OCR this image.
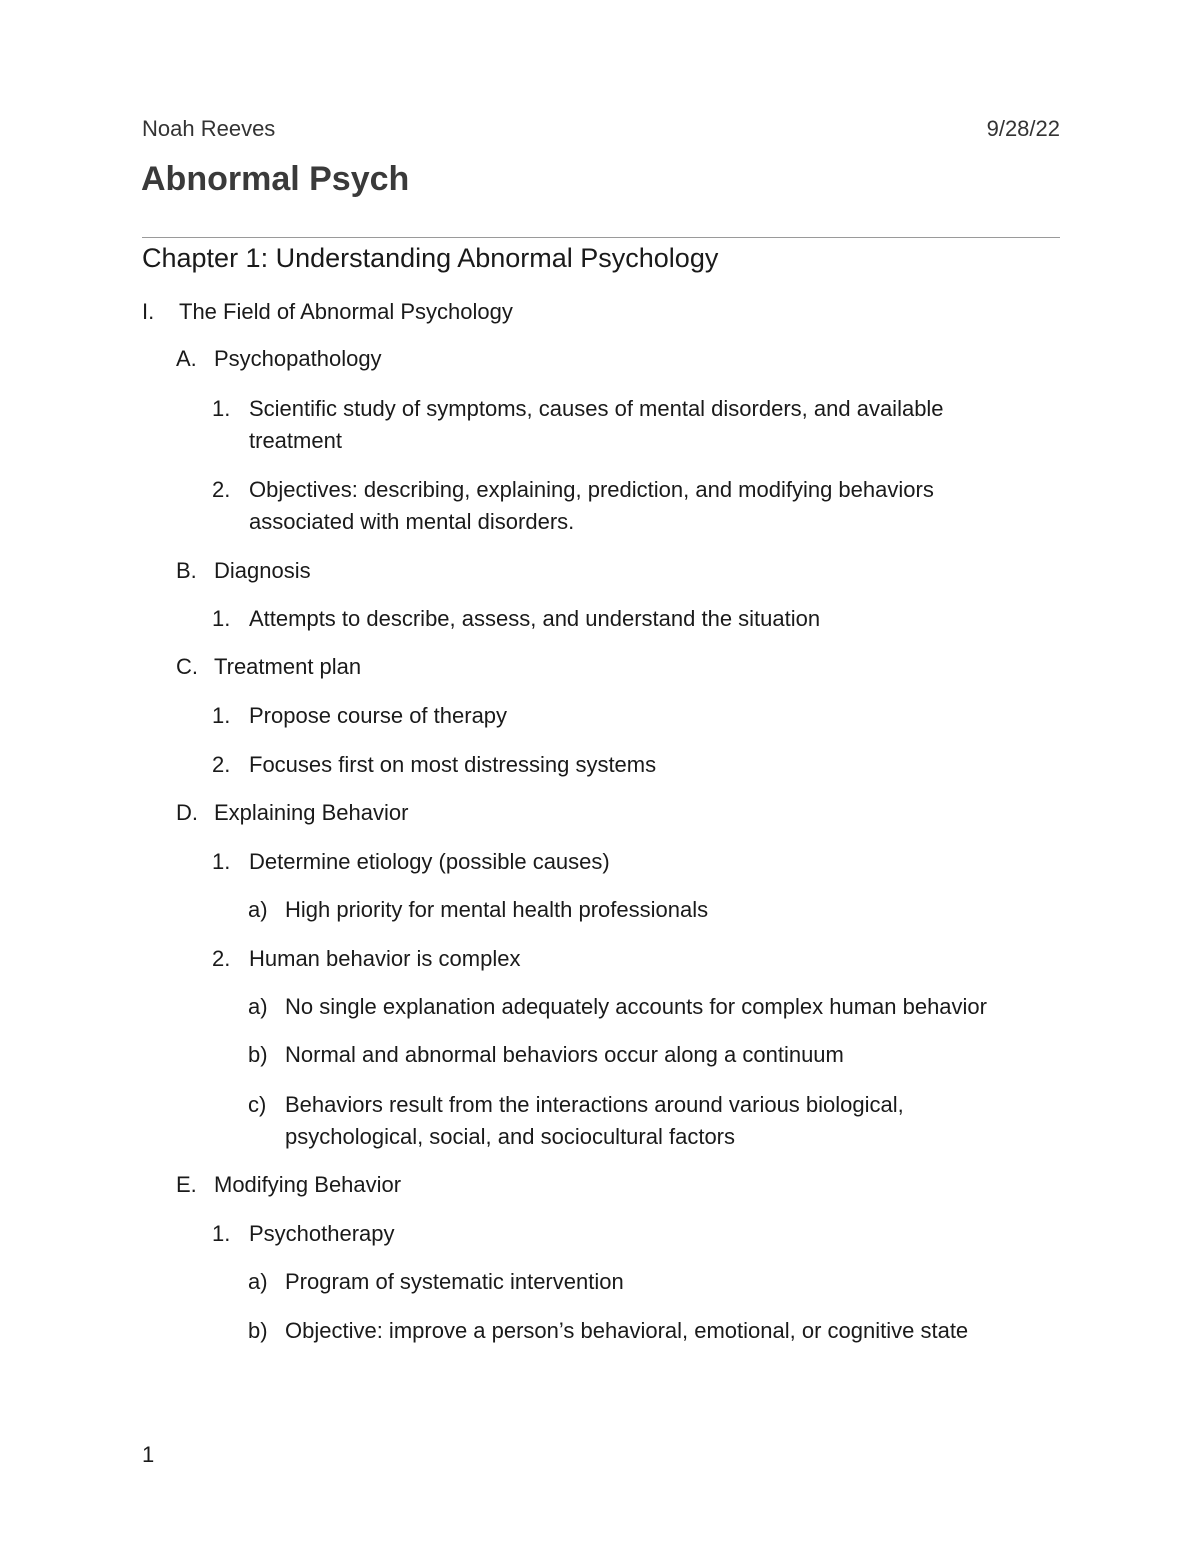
Noah Reeves	9/28/22
Abnormal Psych
Chapter 1: Understanding Abnormal Psychology
I. The Field of Abnormal Psychology
A. Psychopathology
1. Scientific study of symptoms, causes of mental disorders, and available
treatment
2. Objectives: describing, explaining, prediction, and modifying behaviors
associated with mental disorders.
B. Diagnosis
1. Attempts to describe, assess, and understand the situation
C. Treatment plan
1. Propose course of therapy
2. Focuses first on most distressing systems
D. Explaining Behavior
1. Determine etiology (possible causes)
a) High priority for mental health professionals
2. Human behavior is complex
a) No single explanation adequately accounts for complex human behavior
b) Normal and abnormal behaviors occur along a continuum
c) Behaviors result from the interactions around various biological,
psychological, social, and sociocultural factors
E. Modifying Behavior
1. Psychotherapy
a) Program of systematic intervention
b) Objective: improve a person’s behavioral, emotional, or cognitive state
1
